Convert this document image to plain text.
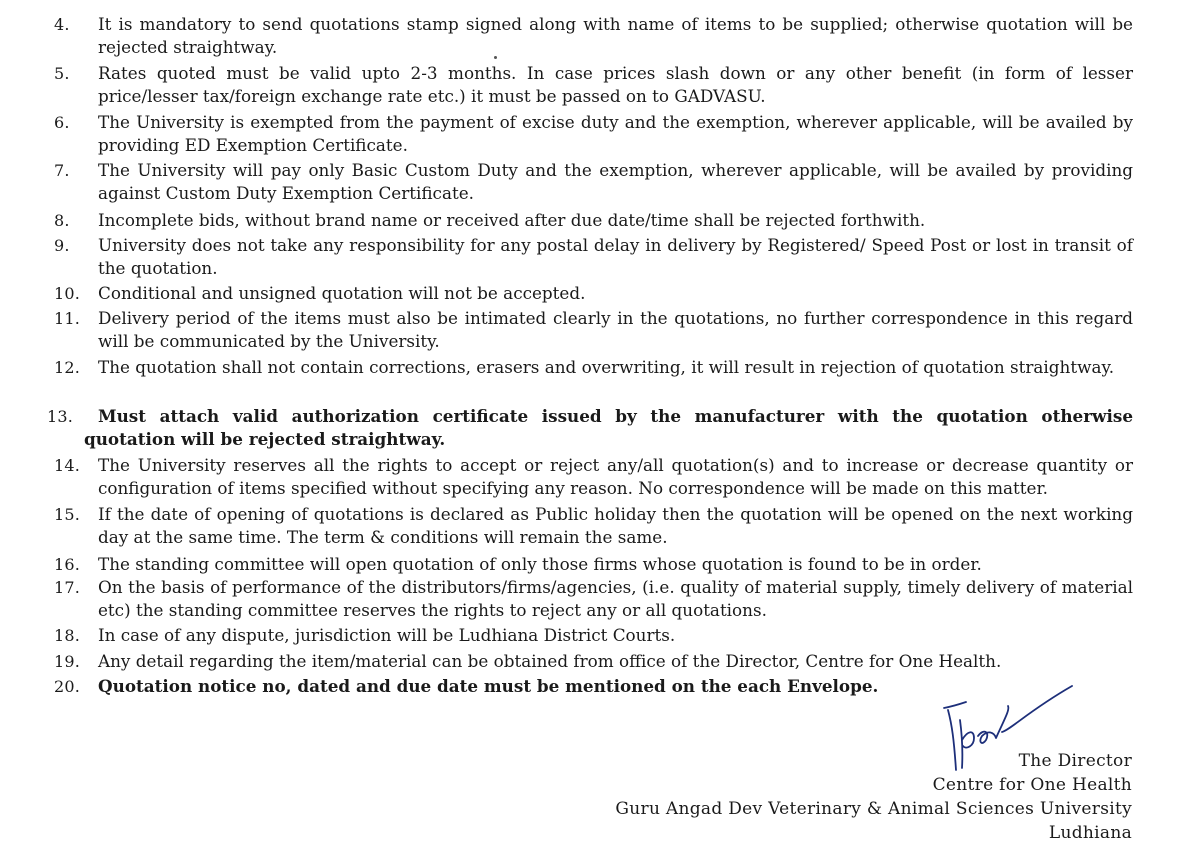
4. It is mandatory to send quotations stamp signed along with name of items to be supplied; otherwise quotation will be rejected straightway.
5. Rates quoted must be valid upto 2-3 months. In case prices slash down or any other benefit (in form of lesser price/lesser tax/foreign exchange rate etc.) it must be passed on to GADVASU.
6. The University is exempted from the payment of excise duty and the exemption, wherever applicable, will be availed by providing ED Exemption Certificate.
7. The University will pay only Basic Custom Duty and the exemption, wherever applicable, will be availed by providing against Custom Duty Exemption Certificate.
8. Incomplete bids, without brand name or received after due date/time shall be rejected forthwith.
9. University does not take any responsibility for any postal delay in delivery by Registered/ Speed Post or lost in transit of the quotation.
10. Conditional and unsigned quotation will not be accepted.
11. Delivery period of the items must also be intimated clearly in the quotations, no further correspondence in this regard will be communicated by the University.
12. The quotation shall not contain corrections, erasers and overwriting, it will result in rejection of quotation straightway.
13.	Must attach valid authorization certificate issued by the manufacturer with the quotation otherwise quotation will be rejected straightway.
14. The University reserves all the rights to accept or reject any/all quotation(s) and to increase or decrease quantity or configuration of items specified without specifying any reason. No correspondence will be made on this matter.
15. If the date of opening of quotations is declared as Public holiday then the quotation will be opened on the next working day at the same time. The term & conditions will remain the same.
16. The standing committee will open quotation of only those firms whose quotation is found to be in order.
17. On the basis of performance of the distributors/firms/agencies, (i.e. quality of material supply, timely delivery of material etc) the standing committee reserves the rights to reject any or all quotations.
18. In case of any dispute, jurisdiction will be Ludhiana District Courts.
19. Any detail regarding the item/material can be obtained from office of the Director, Centre for One Health.
20. Quotation notice no, dated and due date must be mentioned on the each Envelope.
The Director
Centre for One Health
Guru Angad Dev Veterinary & Animal Sciences University
Ludhiana
